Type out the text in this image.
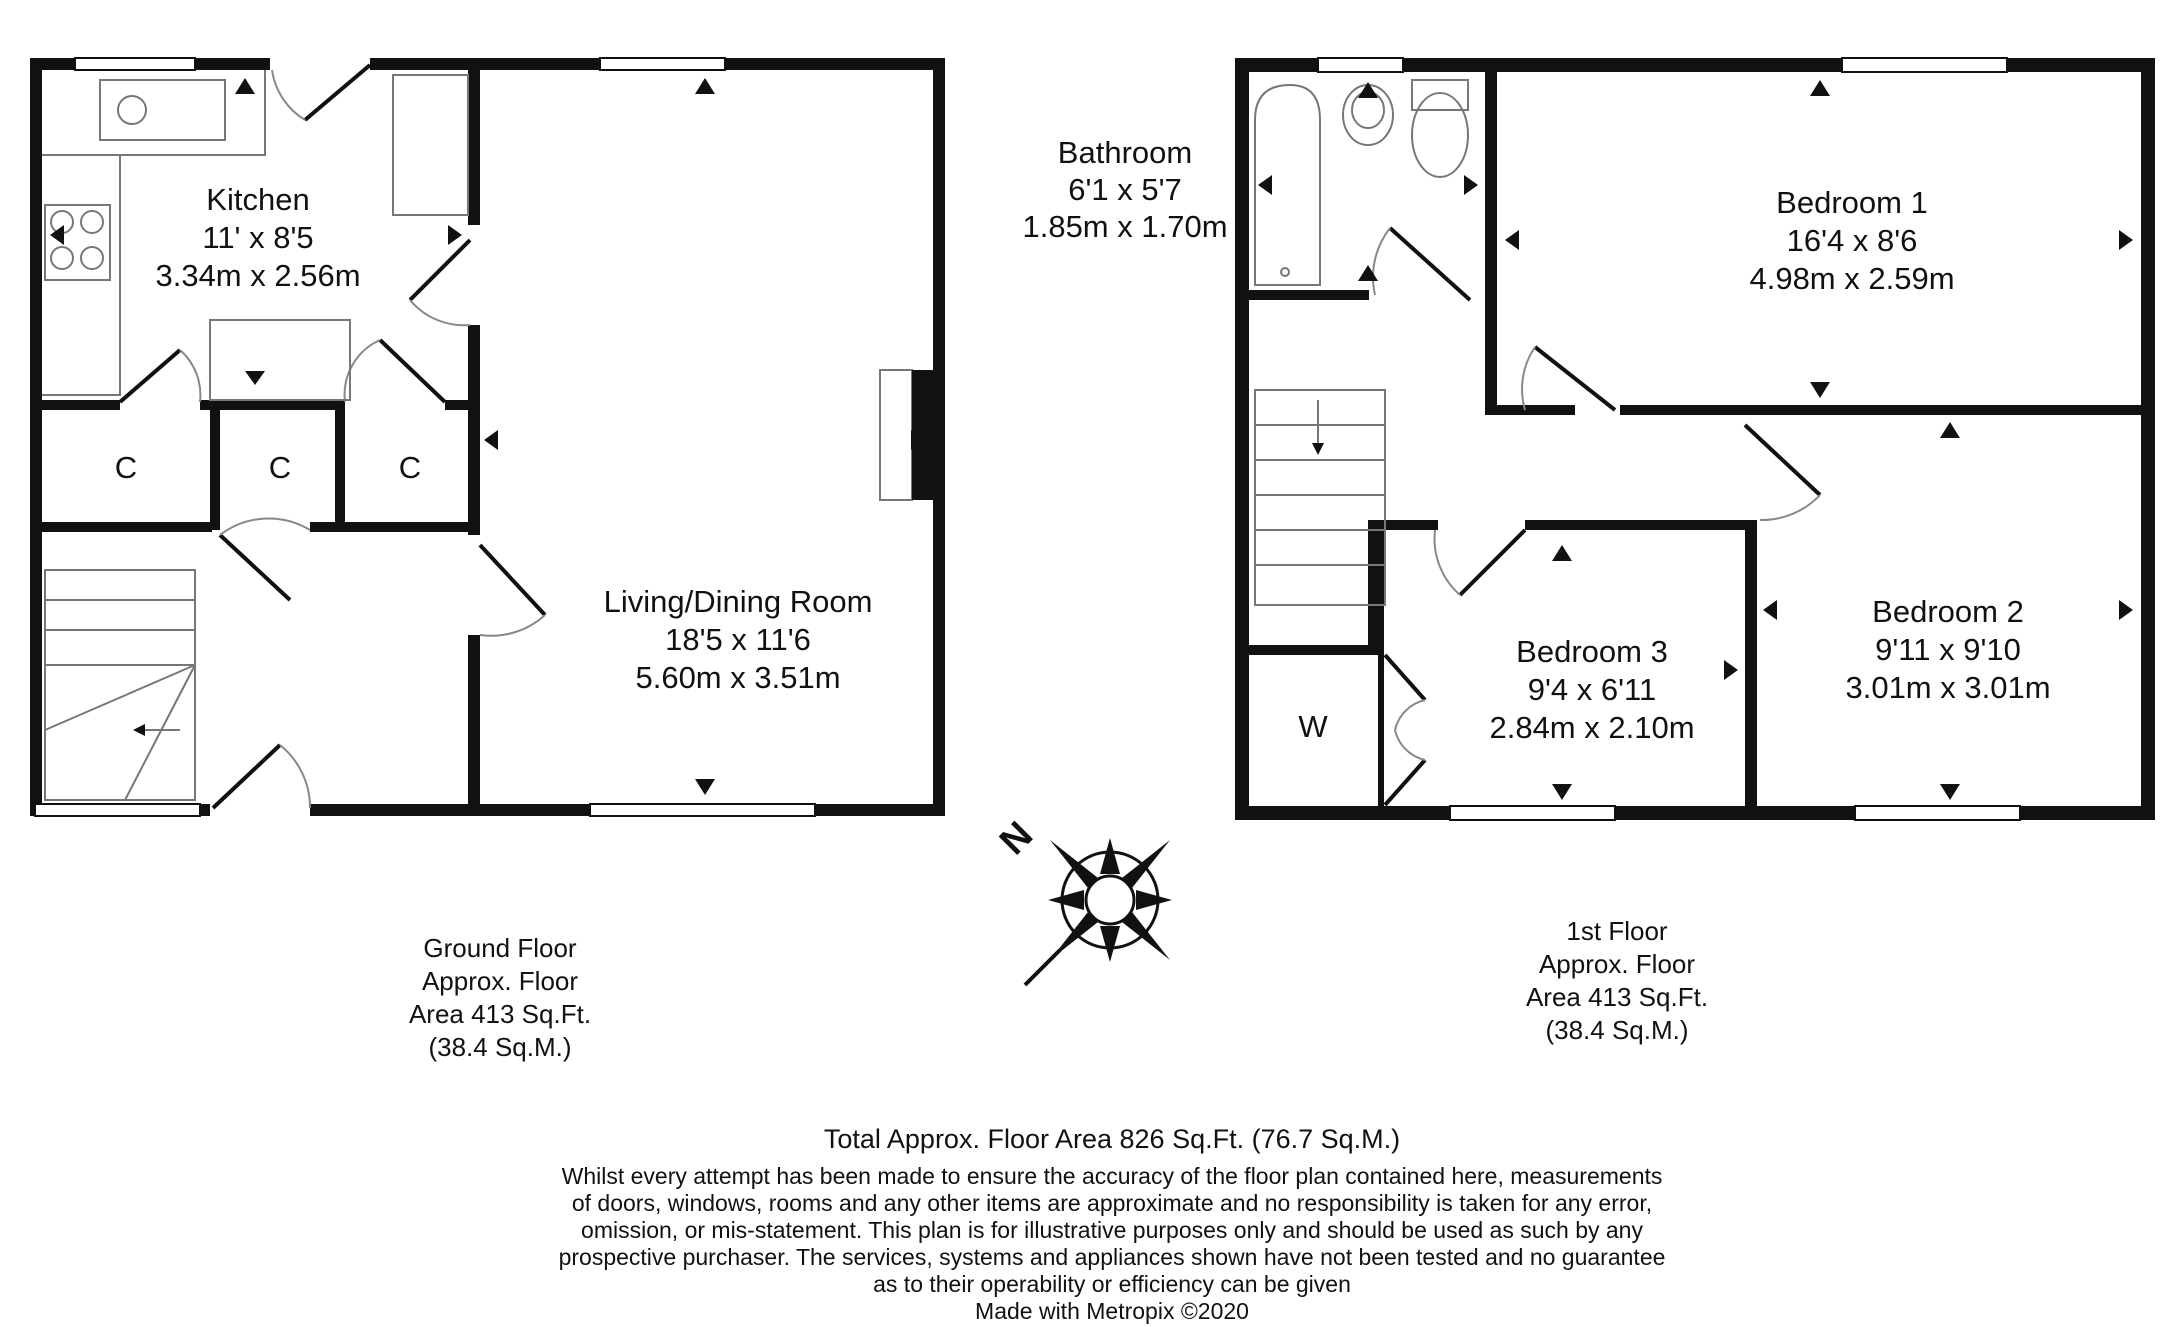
Kitchen
11' x 8'5
3.34m x 2.56m
Living/Dining Room
18'5 x 11'6
5.60m x 3.51m
C	C	C
Ground Floor
Approx. Floor
Area 413 Sq.Ft.
(38.4 Sq.M.)
Bathroom
6'1 x 5'7
1.85m x 1.70m
Bedroom 1
16'4 x 8'6
4.98m x 2.59m
Bedroom 2
9'11 x 9'10
3.01m x 3.01m
Bedroom 3
9'4 x 6'11
2.84m x 2.10m
W
1st Floor
Approx. Floor
Area 413 Sq.Ft.
(38.4 Sq.M.)
N
Total Approx. Floor Area 826 Sq.Ft. (76.7 Sq.M.)
Whilst every attempt has been made to ensure the accuracy of the floor plan contained here, measurements
of doors, windows, rooms and any other items are approximate and no responsibility is taken for any error,
omission, or mis-statement. This plan is for illustrative purposes only and should be used as such by any
prospective purchaser. The services, systems and appliances shown have not been tested and no guarantee
as to their operability or efficiency can be given
Made with Metropix ©2020
